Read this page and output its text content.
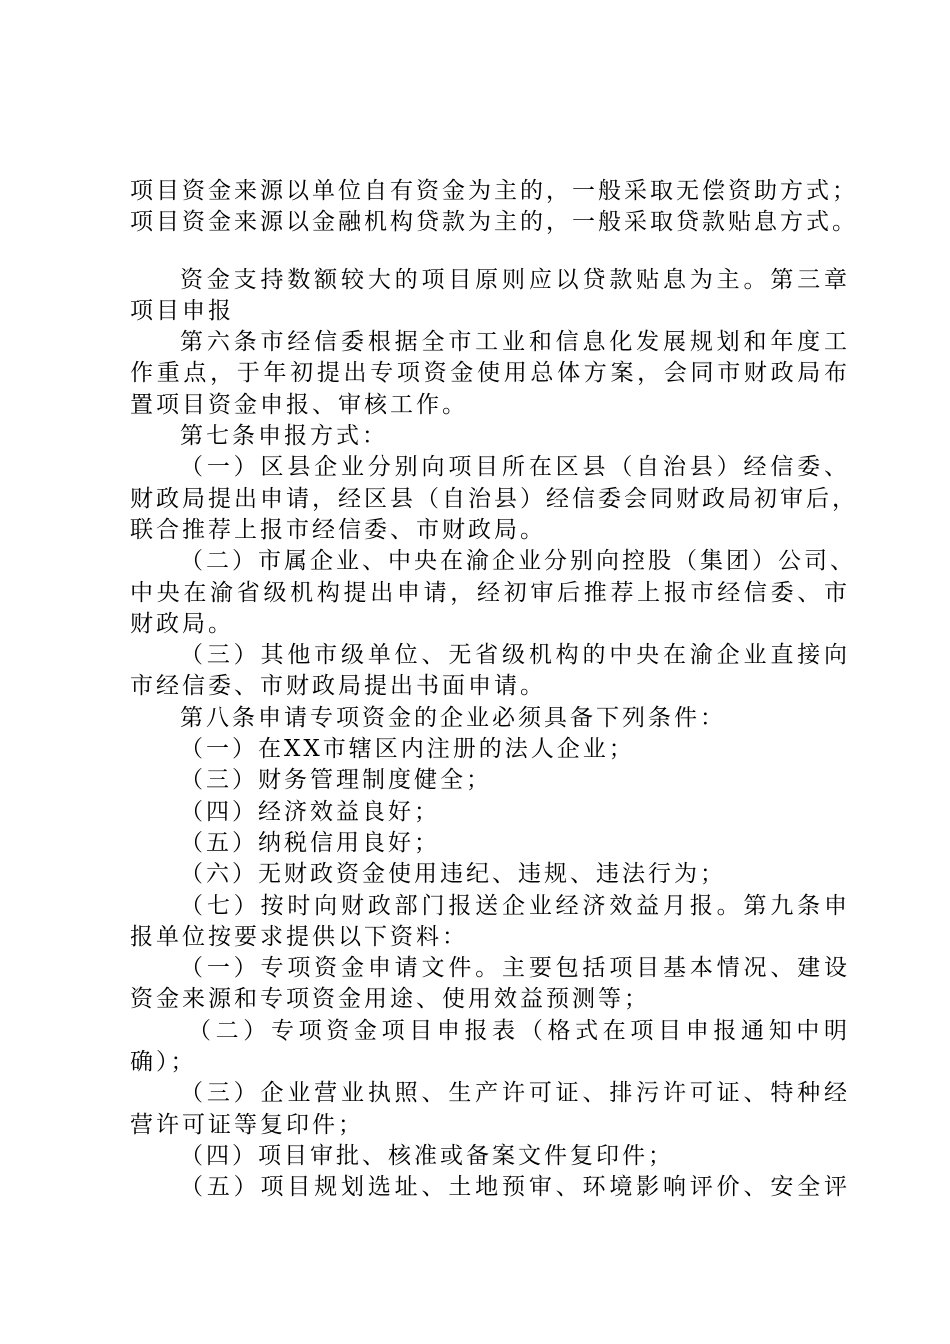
项目资金来源以单位自有资金为主的，一般采取无偿资助方式；
项目资金来源以金融机构贷款为主的，一般采取贷款贴息方式。
资金支持数额较大的项目原则应以贷款贴息为主。第三章
项目申报
第六条市经信委根据全市工业和信息化发展规划和年度工
作重点，于年初提出专项资金使用总体方案，会同市财政局布
置项目资金申报、审核工作。
第七条申报方式：
（一）区县企业分别向项目所在区县（自治县）经信委、
财政局提出申请，经区县（自治县）经信委会同财政局初审后，
联合推荐上报市经信委、市财政局。
（二）市属企业、中央在渝企业分别向控股（集团）公司、
中央在渝省级机构提出申请，经初审后推荐上报市经信委、市
财政局。
（三）其他市级单位、无省级机构的中央在渝企业直接向
市经信委、市财政局提出书面申请。
第八条申请专项资金的企业必须具备下列条件：
（一）在XX市辖区内注册的法人企业；
（三）财务管理制度健全；
（四）经济效益良好；
（五）纳税信用良好；
（六）无财政资金使用违纪、违规、违法行为；
（七）按时向财政部门报送企业经济效益月报。第九条申
报单位按要求提供以下资料：
（一）专项资金申请文件。主要包括项目基本情况、建设
资金来源和专项资金用途、使用效益预测等；
（二）专项资金项目申报表（格式在项目申报通知中明
确）；
（三）企业营业执照、生产许可证、排污许可证、特种经
营许可证等复印件；
（四）项目审批、核准或备案文件复印件；
（五）项目规划选址、土地预审、环境影响评价、安全评
